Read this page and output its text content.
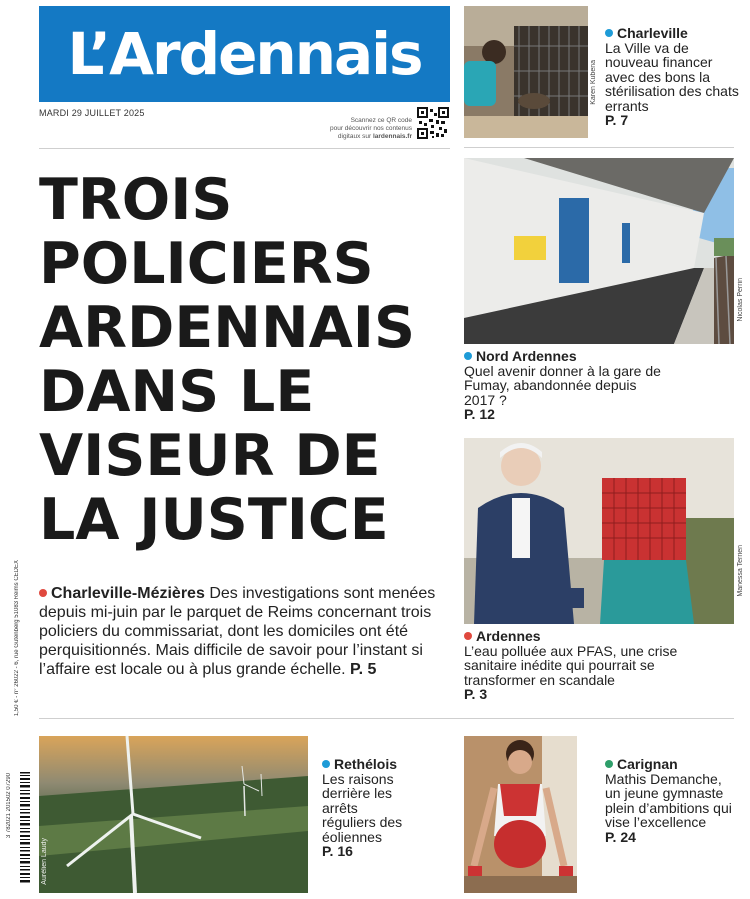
L’Ardennais
MARDI 29 JUILLET 2025
Scannez ce QR code
pour découvrir nos contenus
digitaux sur lardennais.fr
TROIS
POLICIERS
ARDENNAIS
DANS LE
VISEUR DE
LA JUSTICE
Charleville-Mézières Des investigations sont menées depuis mi-juin par le parquet de Reims concernant trois policiers du commissariat, dont les domiciles ont été perquisitionnés. Mais difficile de savoir pour l’instant si l’affaire est locale ou à plus grande échelle. P. 5
1,50 € - n° 26022 - 6, rue Gutenberg 51083 Reims CEDEX
3 782021 201502 07290
Karen Kubena
Charleville
La Ville va de nouveau financer avec des bons la stérilisation des chats errants
P. 7
Nicolas Perrin
Nord Ardennes

Quel avenir donner à la gare de Fumay, abandonnée depuis 2017 ?
P. 12
Manessa Terrien
Ardennes

L’eau polluée aux PFAS, une crise sanitaire inédite qui pourrait se transformer en scandale
P. 3
Aurélien Laudy
Rethélois

Les raisons derrière les arrêts réguliers des éoliennes
P. 16
Carignan

Mathis Demanche, un jeune gymnaste plein d’ambitions qui vise l’excellence
P. 24
